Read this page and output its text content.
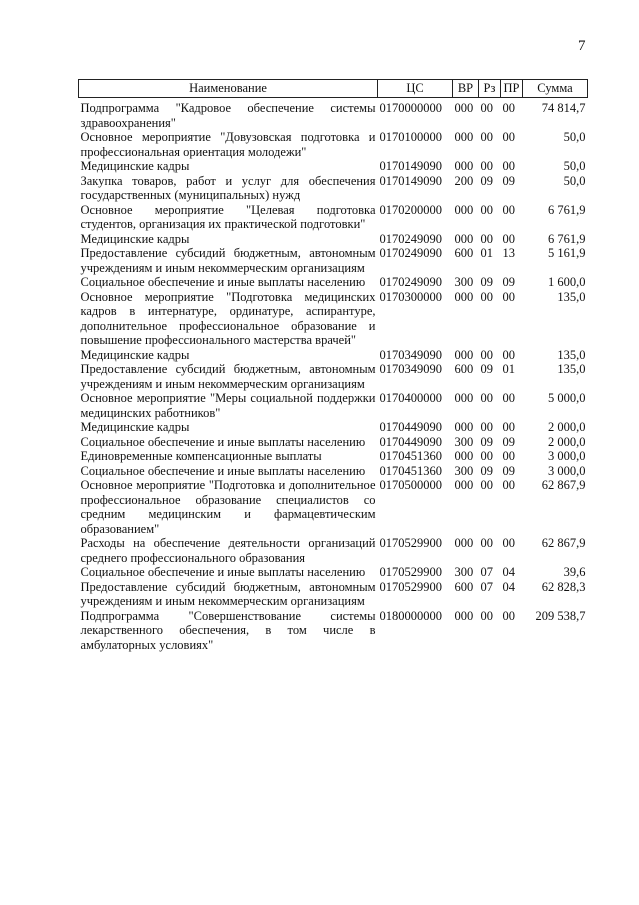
7
Наименование	ЦС	ВР	Рз	ПР	Сумма

Подпрограмма "Кадровое обеспечение системы здравоохранения"	0170000000	000	00	00	74 814,7
Основное мероприятие "Довузовская подготовка и профессиональная ориентация молодежи"	0170100000	000	00	00	50,0
Медицинские кадры	0170149090	000	00	00	50,0
Закупка товаров, работ и услуг для обеспечения государственных (муниципальных) нужд	0170149090	200	09	09	50,0
Основное мероприятие "Целевая подготовка студентов, организация их практической подготовки"	0170200000	000	00	00	6 761,9
Медицинские кадры	0170249090	000	00	00	6 761,9
Предоставление субсидий бюджетным, автономным учреждениям и иным некоммерческим организациям	0170249090	600	01	13	5 161,9
Социальное обеспечение и иные выплаты населению	0170249090	300	09	09	1 600,0
Основное мероприятие "Подготовка медицинских кадров в интернатуре, ординатуре, аспирантуре, дополнительное профессиональное образование и повышение профессионального мастерства врачей"	0170300000	000	00	00	135,0
Медицинские кадры	0170349090	000	00	00	135,0
Предоставление субсидий бюджетным, автономным учреждениям и иным некоммерческим организациям	0170349090	600	09	01	135,0
Основное мероприятие "Меры социальной поддержки медицинских работников"	0170400000	000	00	00	5 000,0
Медицинские кадры	0170449090	000	00	00	2 000,0
Социальное обеспечение и иные выплаты населению	0170449090	300	09	09	2 000,0
Единовременные компенсационные выплаты	0170451360	000	00	00	3 000,0
Социальное обеспечение и иные выплаты населению	0170451360	300	09	09	3 000,0
Основное мероприятие "Подготовка и дополнительное профессиональное образование специалистов со средним медицинским и фармацевтическим образованием"	0170500000	000	00	00	62 867,9
Расходы на обеспечение деятельности организаций среднего профессионального образования	0170529900	000	00	00	62 867,9
Социальное обеспечение и иные выплаты населению	0170529900	300	07	04	39,6
Предоставление субсидий бюджетным, автономным учреждениям и иным некоммерческим организациям	0170529900	600	07	04	62 828,3
Подпрограмма "Совершенствование системы лекарственного обеспечения, в том числе в амбулаторных условиях"	0180000000	000	00	00	209 538,7
